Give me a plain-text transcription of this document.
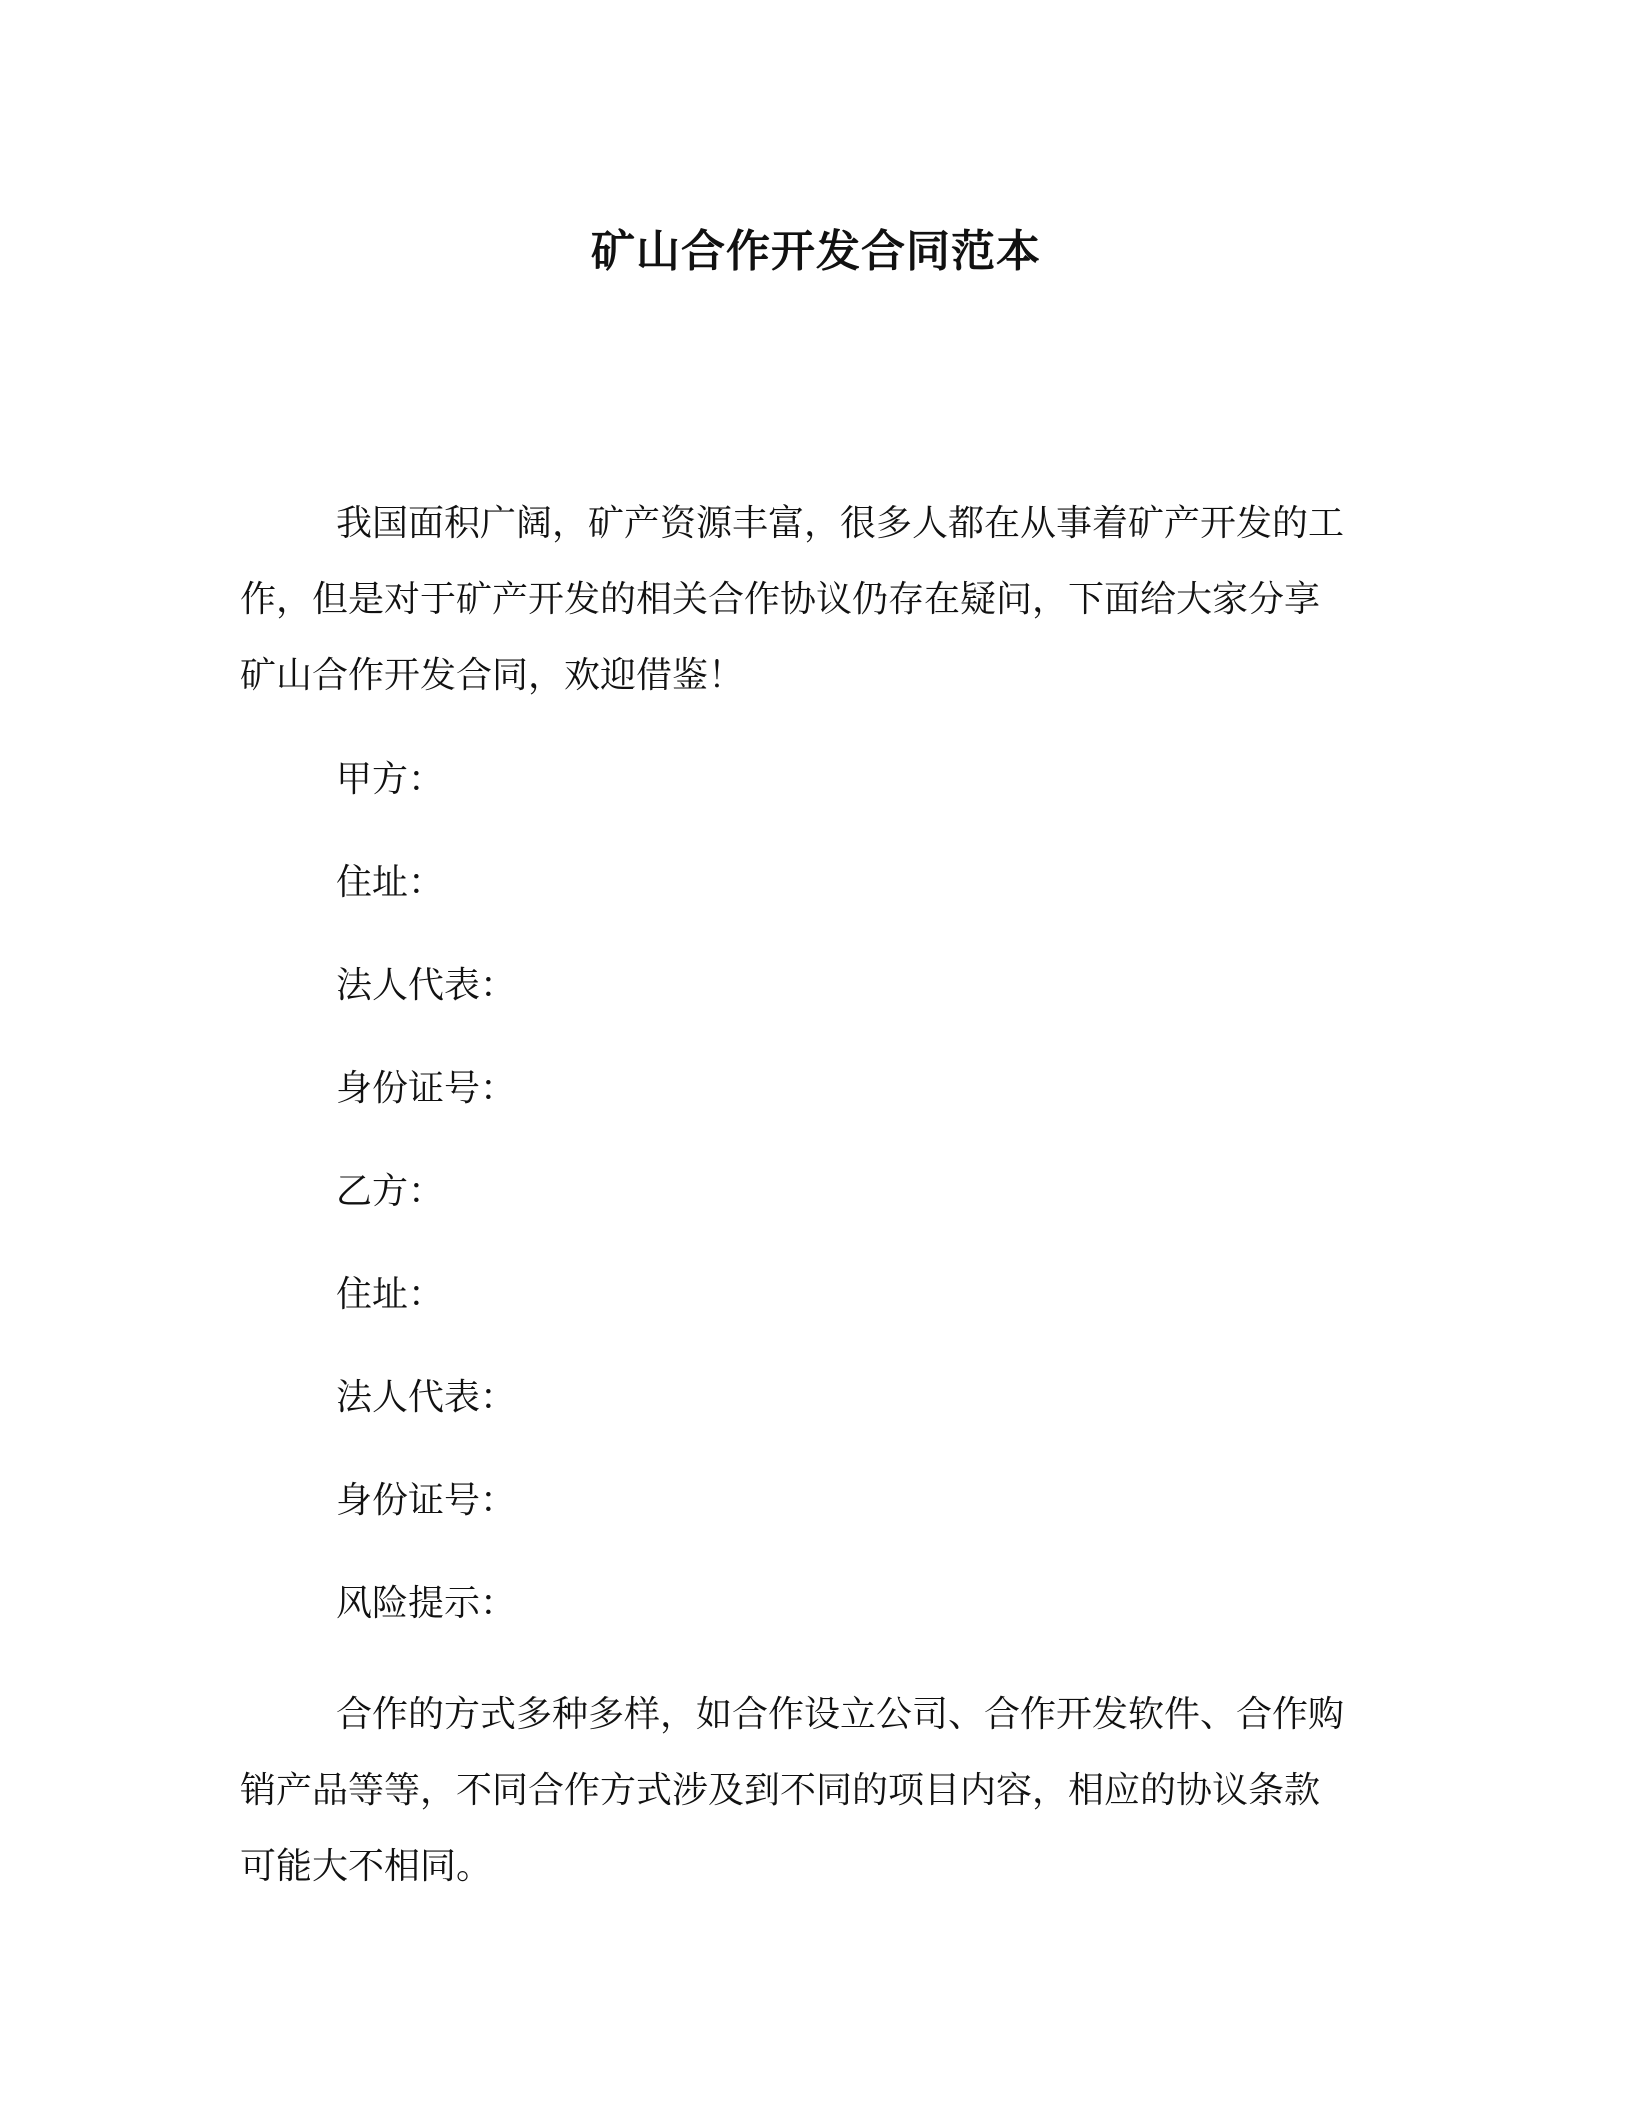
矿山合作开发合同范本
我国面积广阔，矿产资源丰富，很多人都在从事着矿产开发的工
作，但是对于矿产开发的相关合作协议仍存在疑问，下面给大家分享
矿山合作开发合同，欢迎借鉴！

甲方：

住址：

法人代表：

身份证号：

乙方：

住址：

法人代表：

身份证号：

风险提示：

合作的方式多种多样，如合作设立公司、合作开发软件、合作购
销产品等等，不同合作方式涉及到不同的项目内容，相应的协议条款
可能大不相同。
